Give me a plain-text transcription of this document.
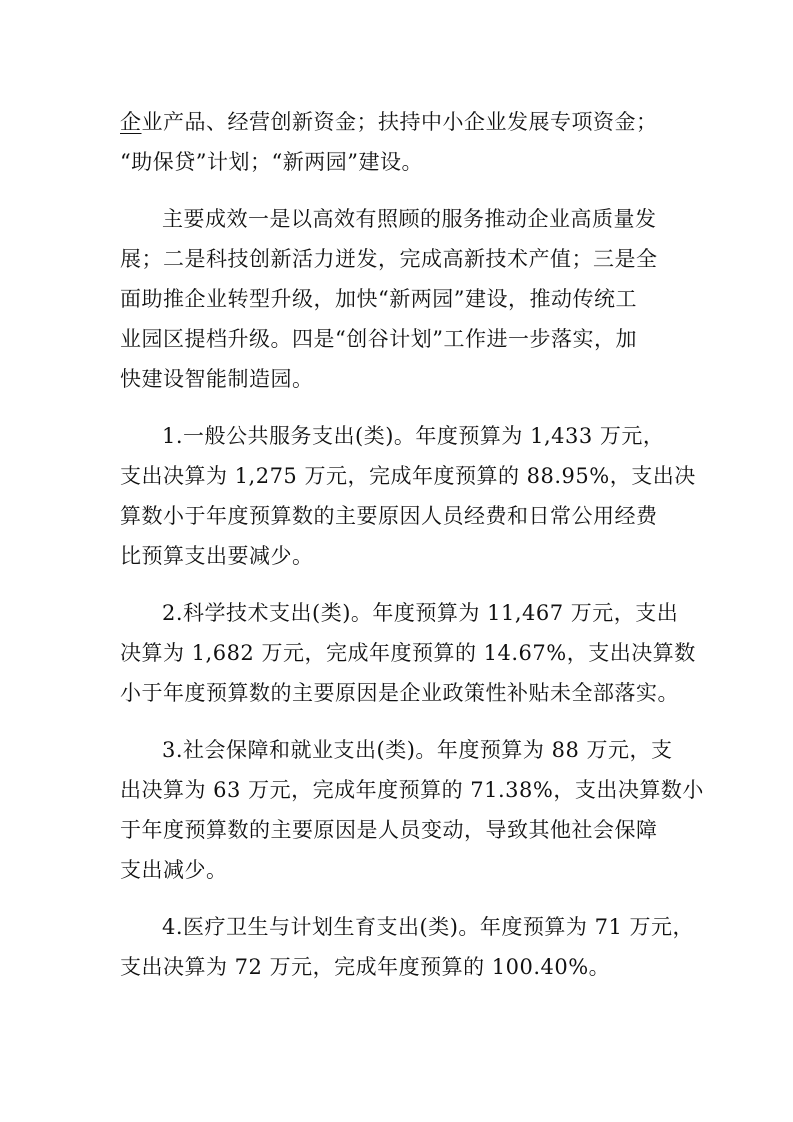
企业产品、经营创新资金；扶持中小企业发展专项资金；
“助保贷”计划；“新两园”建设。
主要成效一是以高效有照顾的服务推动企业高质量发
展；二是科技创新活力迸发，完成高新技术产值；三是全
面助推企业转型升级，加快“新两园”建设，推动传统工
业园区提档升级。四是“创谷计划”工作进一步落实，加
快建设智能制造园。
1.一般公共服务支出(类)。年度预算为 1,433 万元，
支出决算为 1,275 万元，完成年度预算的 88.95%，支出决
算数小于年度预算数的主要原因人员经费和日常公用经费
比预算支出要减少。
2.科学技术支出(类)。年度预算为 11,467 万元，支出
决算为 1,682 万元，完成年度预算的 14.67%，支出决算数
小于年度预算数的主要原因是企业政策性补贴未全部落实。
3.社会保障和就业支出(类)。年度预算为 88 万元，支
出决算为 63 万元，完成年度预算的 71.38%，支出决算数小
于年度预算数的主要原因是人员变动，导致其他社会保障
支出减少。
4.医疗卫生与计划生育支出(类)。年度预算为 71 万元，
支出决算为 72 万元，完成年度预算的 100.40%。
